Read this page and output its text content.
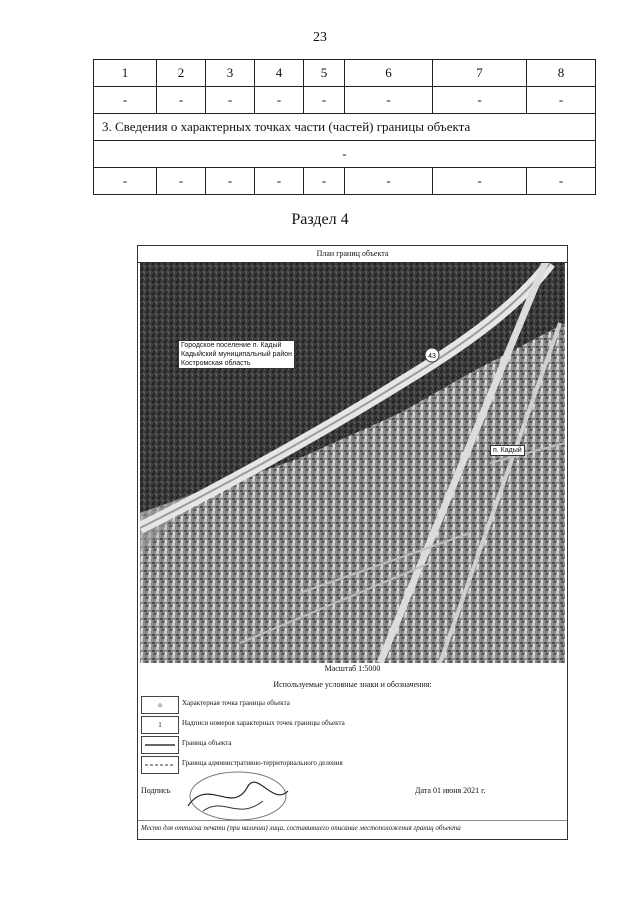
23
1	2	3	4	5	6	7	8
-	-	-	-	-	-	-	-
3. Сведения о характерных точках части (частей) границы объекта							
-							
-	-	-	-	-	-	-	-
Раздел 4
План границ объекта
43
Городское поселение п. Кадый
Кадыйский муниципальный район
Костромская область
п. Кадый
Масштаб 1:5000
Используемые условные знаки и обозначения:
o	Характерная точка границы объекта
1	Надписи номеров характерных точек границы объекта
Граница объекта
Граница административно-территориального деления
Подпись	Дата 01 июня 2021 г.
Место для оттиска печати (при наличии) лица, составившего описание местоположения границ объекта
